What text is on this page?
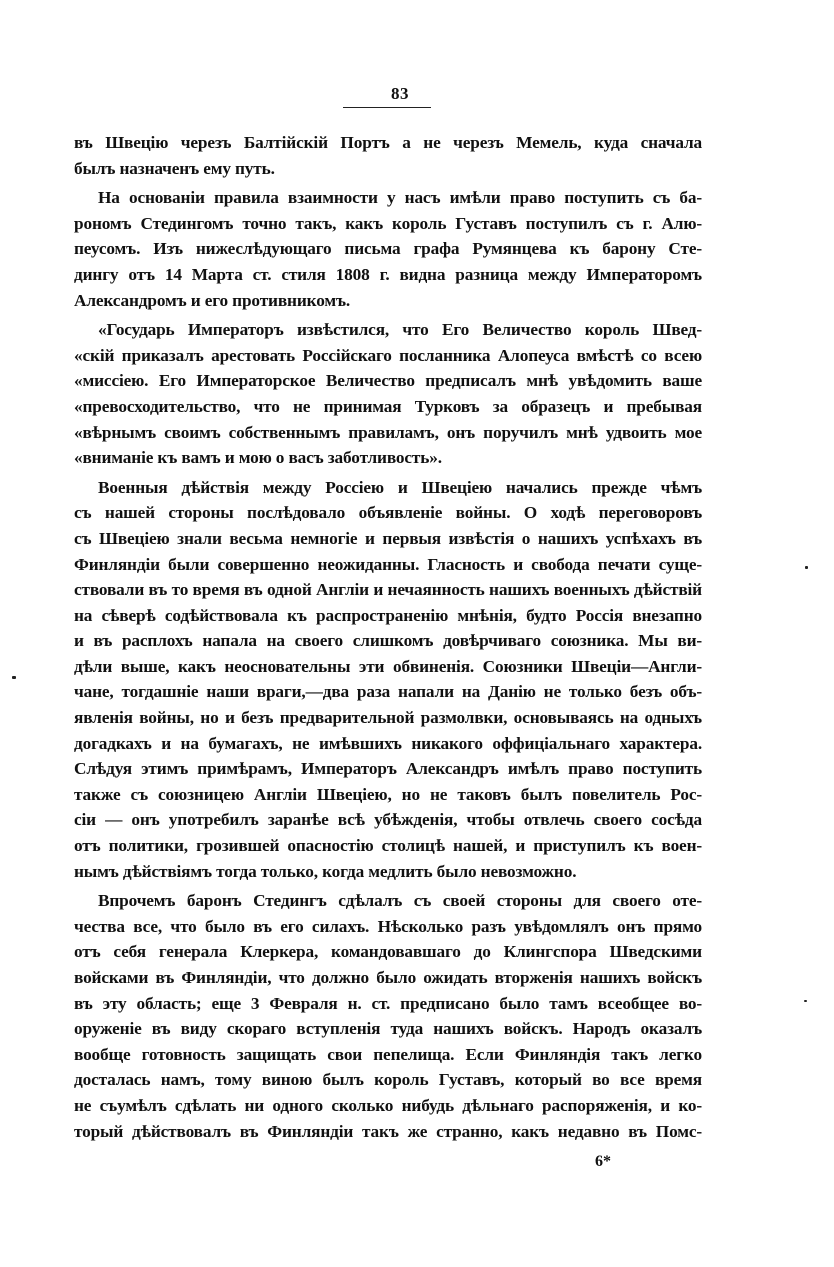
83
въ Швецію черезъ Балтійскій Портъ а не черезъ Мемель, куда сначала
былъ назначенъ ему путь.
На основаніи правила взаимности у насъ имѣли право поступить съ ба-
рономъ Стедингомъ точно такъ, какъ король Густавъ поступилъ съ г. Алю-
пеусомъ. Изъ нижеслѣдующаго письма графа Румянцева къ барону Сте-
дингу отъ 14 Марта ст. стиля 1808 г. видна разница между Императоромъ
Александромъ и его противникомъ.
«Государь Императоръ извѣстился, что Его Величество король Швед-
«скій приказалъ арестовать Россійскаго посланника Алопеуса вмѣстѣ со всею
«миссіею. Его Императорское Величество предписалъ мнѣ увѣдомить ваше
«превосходительство, что не принимая Турковъ за образецъ и пребывая
«вѣрнымъ своимъ собственнымъ правиламъ, онъ поручилъ мнѣ удвоить мое
«вниманіе къ вамъ и мою о васъ заботливость».
Военныя дѣйствія между Россіею и Швеціею начались прежде чѣмъ
съ нашей стороны послѣдовало объявленіе войны. О ходѣ переговоровъ
съ Швеціею знали весьма немногіе и первыя извѣстія о нашихъ успѣхахъ въ
Финляндіи были совершенно неожиданны. Гласность и свобода печати суще-
ствовали въ то время въ одной Англіи и нечаянность нашихъ военныхъ дѣйствій
на сѣверѣ содѣйствовала къ распространенію мнѣнія, будто Россія внезапно
и въ расплохъ напала на своего слишкомъ довѣрчиваго союзника. Мы ви-
дѣли выше, какъ неосновательны эти обвиненія. Союзники Швеціи—Англи-
чане, тогдашніе наши враги,—два раза напали на Данію не только безъ объ-
явленія войны, но и безъ предварительной размолвки, основываясь на одныхъ
догадкахъ и на бумагахъ, не имѣвшихъ никакого оффиціальнаго характера.
Слѣдуя этимъ примѣрамъ, Императоръ Александръ имѣлъ право поступить
также съ союзницею Англіи Швеціею, но не таковъ былъ повелитель Рос-
сіи — онъ употребилъ заранѣе всѣ убѣжденія, чтобы отвлечь своего сосѣда
отъ политики, грозившей опасностію столицѣ нашей, и приступилъ къ воен-
нымъ дѣйствіямъ тогда только, когда медлить было невозможно.
Впрочемъ баронъ Стедингъ сдѣлалъ съ своей стороны для своего оте-
чества все, что было въ его силахъ. Нѣсколько разъ увѣдомлялъ онъ прямо
отъ себя генерала Клеркера, командовавшаго до Клингспора Шведскими
войсками въ Финляндіи, что должно было ожидать вторженія нашихъ войскъ
въ эту область; еще 3 Февраля н. ст. предписано было тамъ всеобщее во-
оруженіе въ виду скораго вступленія туда нашихъ войскъ. Народъ оказалъ
вообще готовность защищать свои пепелища. Если Финляндія такъ легко
досталась намъ, тому виною былъ король Густавъ, который во все время
не съумѣлъ сдѣлать ни одного сколько нибудь дѣльнаго распоряженія, и ко-
торый дѣйствовалъ въ Финляндіи такъ же странно, какъ недавно въ Помс-
6*
